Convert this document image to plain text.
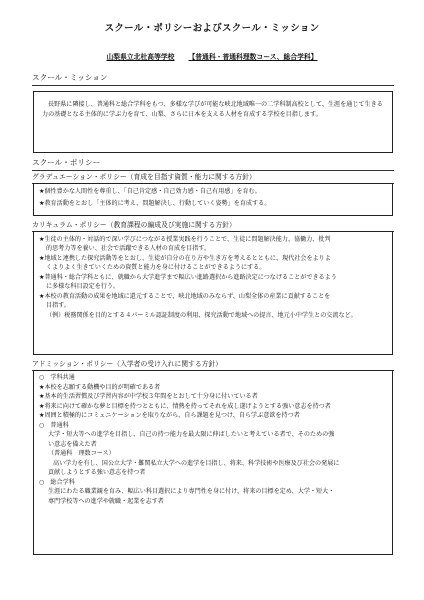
スクール・ポリシーおよびスクール・ミッション
山梨県立北杜高等学校 【普通科・普通科理数コース、総合学科】
スクール・ミッション

長野県に隣接し、普通科と総合学科をもつ、多様な学びが可能な峡北地域唯一の二学科制高校として、生涯を通じて生きる力の基礎となる主体的に学ぶ力を育て、山梨、さらに日本を支える人材を育成する学校を目指します。

スクール・ポリシー
グラデュエーション・ポリシー（育成を目指す資質・能力に関する方針）

★個性豊かな人間性を尊重し、「自己肯定感・自己効力感・自己有用感」を育む。

★教育活動をとおし「主体的に考え、問題解決し、行動していく姿勢」を育成する。

カリキュラム・ポリシー（教育課程の編成及び実施に関する方針）

★生徒の主体的・対話的で深い学びにつながる授業実践を行うことで、生徒に問題解決能力、協働力、批判
的思考力等を養い、社会で活躍できる人材の育成を目指す。

★地域と連携した探究活動等をとおし、生徒が自分の在り方や生き方を考えるとともに、現代社会をよりよ
くよりよく生きていくための資質と能力を身に付けることができるようにする。

★普通科・総合学科ともに、就職から大学進学まで幅広い進路選択から進路決定につなげることができるよう
に多様な科目設定を行う。

★本校の教育活動の成果を地域に還元することで、峡北地域のみならず、山梨全体の産業に貢献することを
目指す。

（例）税務関係を目的とする４パーミル認証制度の利用、探究活動で地域への提言、地元小中学生との交流など。

アドミッション・ポリシー（入学者の受け入れに関する方針）

○　学科共通

★本校を志願する動機や目的が明確である者

★基本的生活習慣及び学習内容が中学校３年間をとおして十分身に付いている者

★将来に向けて確かな夢と目標を持つとともに、情熱を持ってそれを成し遂げようとする強い意志を持つ者

★周囲と積極的にコミュニケーションを取りながら、自ら課題を見つけ、自ら学ぶ意欲を持つ者

○　普通科

大学・短大等への進学を目指し、自己の持つ能力を最大限に伸ばしたいと考えている者で、そのための強

い意志を備えた者

（普通科　理数コース）

高い学力を有し、国公立大学・難関私立大学への進学を目指し、将来、科学技術や医療及び社会の発展に

貢献しようとする強い意志を持つ者

○　総合学科

生涯にわたる職業観を育み、幅広い科目選択により専門性を身に付け、将来の目標を定め、大学・短大・

専門学校等への進学や就職・起業を志す者
